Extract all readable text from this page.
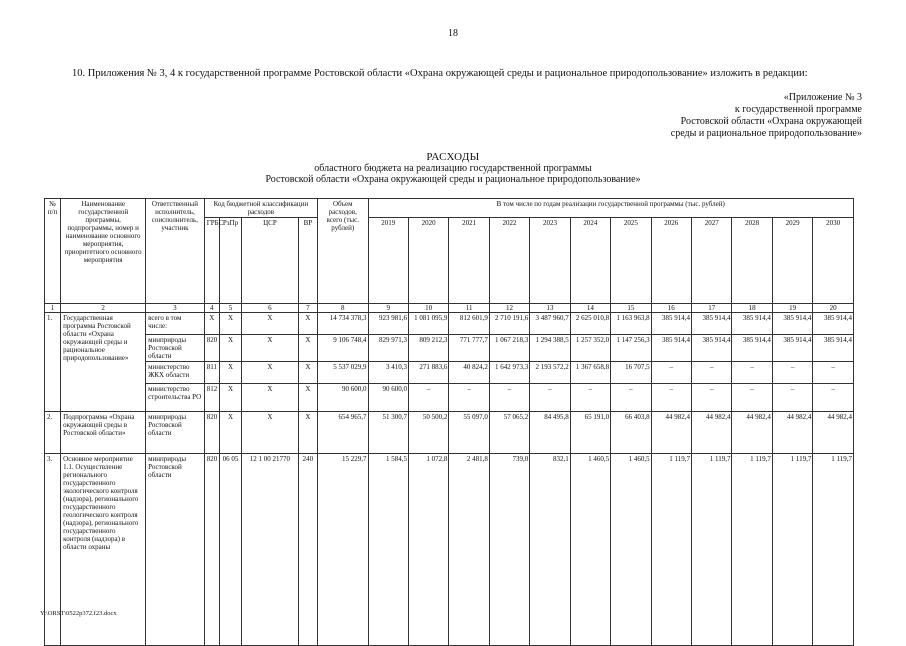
18
10. Приложения № 3, 4 к государственной программе Ростовской области «Охрана окружающей среды и рациональное природопользование» изложить в редакции:
«Приложение № 3
к государственной программе
Ростовской области «Охрана окружающей
среды и рациональное природопользование»
РАСХОДЫ
областного бюджета на реализацию государственной программы
Ростовской области «Охрана окружающей среды и рациональное природопользование»
№ п/п	Наименование государственной программы, подпрограммы, номер и наименование основного мероприятия, приоритетного основного мероприятия	Ответственный исполнитель, соисполнитель, участник	Код бюджетной классификации расходов				Объем расходов, всего (тыс. рублей)	В том числе по годам реализации государственной программы (тыс. рублей)											
			ГРБС	РзПр	ЦСР	ВР		2019	2020	2021	2022	2023	2024	2025	2026	2027	2028	2029	2030
1	2	3	4	5	6	7	8	9	10	11	12	13	14	15	16	17	18	19	20
1.	Государственная программа Ростовской области «Охрана окружающей среды и рациональное природопользование»	всего в том числе:	X	X	X	X	14 734 378,3	923 981,6	1 081 095,9	812 601,9	2 710 191,6	3 487 960,7	2 625 010,8	1 163 963,8	385 914,4	385 914,4	385 914,4	385 914,4	385 914,4
		минприроды Ростовской области	820	X	X	X	9 106 748,4	829 971,3	809 212,3	771 777,7	1 067 218,3	1 294 388,5	1 257 352,0	1 147 256,3	385 914,4	385 914,4	385 914,4	385 914,4	385 914,4
		министерство ЖКХ области	811	X	X	X	5 537 029,9	3 410,3	271 883,6	40 824,2	1 642 973,3	2 193 572,2	1 367 658,8	16 707,5	–	–	–	–	–
		министерство строительства РО	812	X	X	X	90 600,0	90 600,0	–	–	–	–	–	–	–	–	–	–	–
2.	Подпрограмма «Охрана окружающей среды в Ростовской области»	минприроды Ростовской области	820	X	X	X	654 965,7	51 300,7	50 500,2	55 097,0	57 065,2	84 495,8	65 191,0	66 403,8	44 982,4	44 982,4	44 982,4	44 982,4	44 982,4
3.	Основное мероприятие 1.1. Осуществление регионального государственного экологического контроля (надзора), регионального государственного геологического контроля (надзора), регионального государственного контроля (надзора) в области охраны	минприроды Ростовской области	820	06 05	12 1 00 21770	240	15 229,7	1 584,5	1 072,8	2 481,8	739,0	832,1	1 460,5	1 460,5	1 119,7	1 119,7	1 119,7	1 119,7	1 119,7
Y:\ORST\0522p372.f23.docx
